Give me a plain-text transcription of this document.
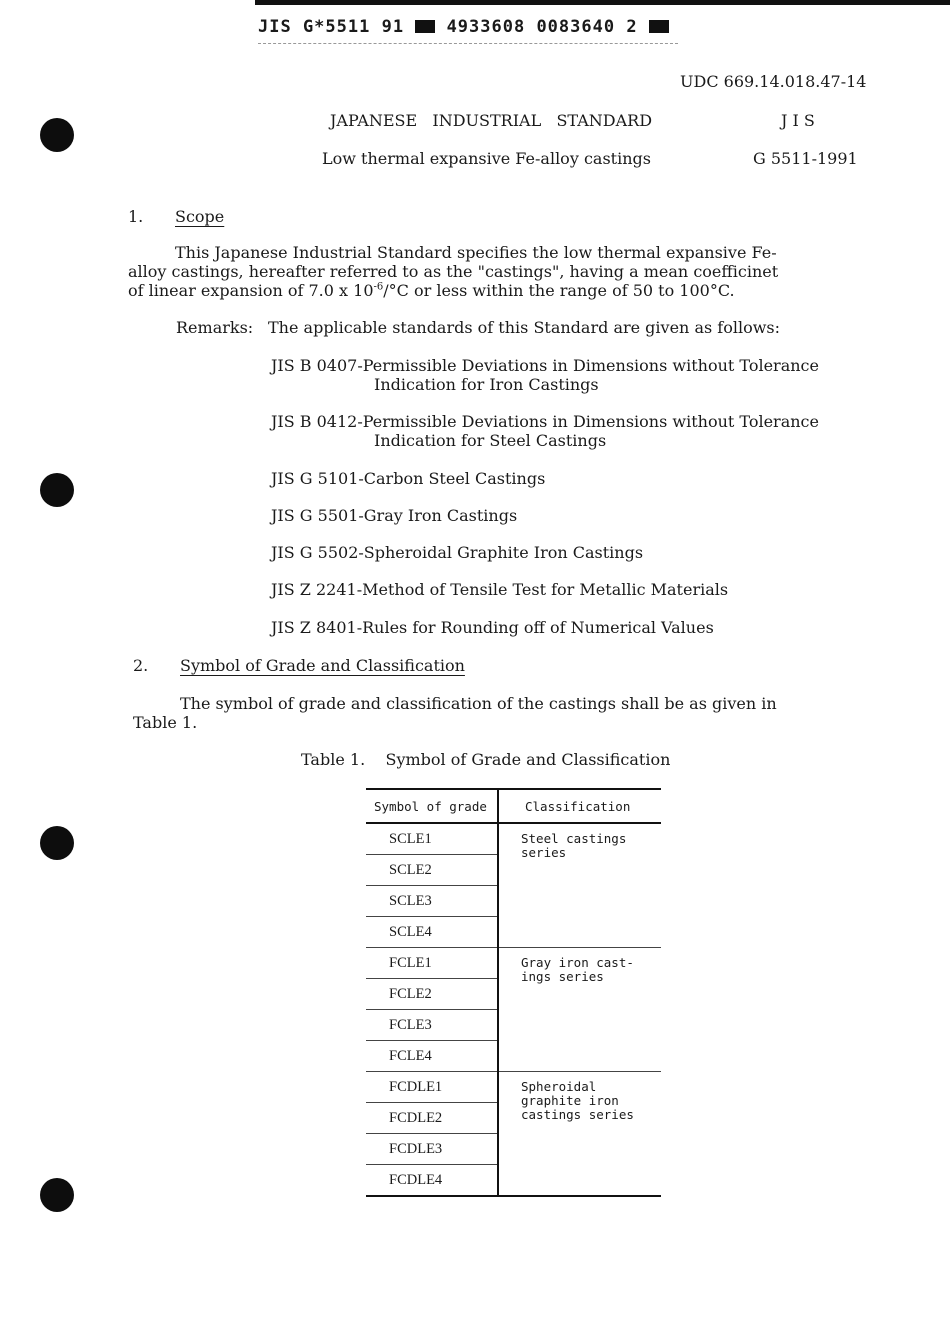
JIS G*5511 91	4933608 0083640 2
UDC 669.14.018.47-14
JAPANESE   INDUSTRIAL   STANDARD	J I S
Low thermal expansive Fe-alloy castings	G 5511-1991
1. Scope
This Japanese Industrial Standard specifies the low thermal expansive Fe-
alloy castings, hereafter referred to as the "castings", having a mean coefficinet
of linear expansion of 7.0 x $10^{-6}/^\circ C$ or less within the range of 50 to 100°C.
Remarks: The applicable standards of this Standard are given as follows:
JIS B 0407-Permissible Deviations in Dimensions without Tolerance
Indication for Iron Castings
JIS B 0412-Permissible Deviations in Dimensions without Tolerance
Indication for Steel Castings
JIS G 5101-Carbon Steel Castings
JIS G 5501-Gray Iron Castings
JIS G 5502-Spheroidal Graphite Iron Castings
JIS Z 2241-Method of Tensile Test for Metallic Materials
JIS Z 8401-Rules for Rounding off of Numerical Values
2. Symbol of Grade and Classification
The symbol of grade and classification of the castings shall be as given in
Table 1.
Table 1.    Symbol of Grade and Classification
Symbol of grade	Classification
SCLE1	Steel castings series
SCLE2	
SCLE3	
SCLE4	
FCLE1	Gray iron cast-ings series
FCLE2	
FCLE3	
FCLE4	
FCDLE1	Spheroidal graphite iron castings series
FCDLE2	
FCDLE3	
FCDLE4	
